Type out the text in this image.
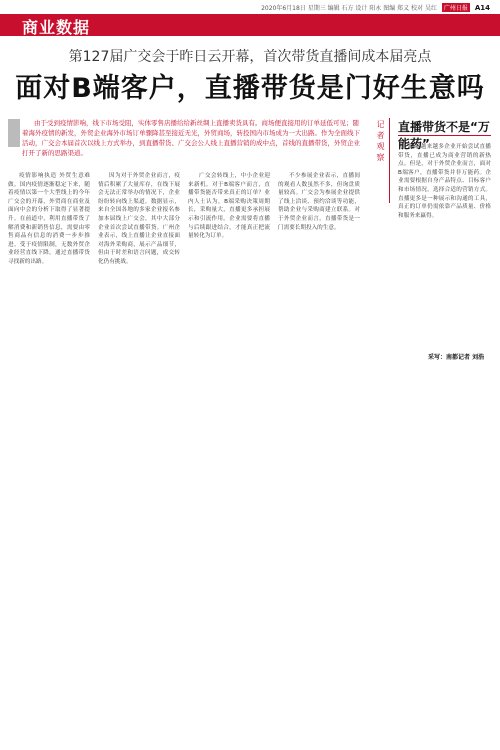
2020年6月18日 星期三 编辑 石方 设计 阳永 图编 郑义 校对 吴红 广州日报 A14
商业数据
第127届广交会于昨日云开幕，首次带货直播间成本届亮点
面对B端客户，直播带货是门好生意吗
由于受到疫情影响，线下市场受阻，实体零售店播给给新丝绸上直播卖货具有。商场便直接用的订单延低可见；随着海外疫情的新发，外贸企业海外市场订单骤降甚至接近无光，外贸商场，转投国内市场成为一大出路。作为全面线下活动，广交会本届首次以线上方式举办，到直播带货、广交会公人线上直播营销的成中点，首线的直播带货，外贸企业打开了新的思路渠道。

疫情影响执造 外贸生意难做。国内疫情逐渐稳定下来，随着疫情以第一个大型线上的今年广交会的开幕，外贸商在商业及面向中会的分析下取得了显著提升。在前道中，利用直播带货了解消费和新销售信息，需要由零售商品有信息的消费一步步推进。受于疫情限制，无数外贸企业经营直线下降，通过直播带货寻找新的出路。

因为对于外贸企业而言，疫情后积累了大量库存，在线下展会无法正常举办的情况下，企业纷纷转向线上渠道。数据显示，来自全国各地的多家企业报名参加本届线上广交会，其中大部分企业首次尝试直播带货。广州企业表示，线上直播让企业直接面对海外采购商，展示产品细节，但由于时差和语言问题，成交转化仍有挑战。

广交会转线上，中小企业迎来新机。对于B端客户而言，直播带货能否带来真正的订单？业内人士认为，B端采购决策周期长，采购量大，直播更多承担展示和引流作用。企业需要将直播与后续跟进结合，才能真正把流量转化为订单。

不少参展企业表示，直播间的观看人数虽然不多，但询盘质量较高。广交会为参展企业提供了线上洽谈、预约洽谈等功能，帮助企业与采购商建立联系。对于外贸企业而言，直播带货是一门需要长期投入的生意。

记者观察 直播带货不是“万能药”
随着越来越多企业开始尝试直播带货，直播已成为商业营销的新热点。但是，对于外贸企业而言，面对B端客户，直播带货并非万能药。企业需要根据自身产品特点、目标客户和市场情况，选择合适的营销方式。直播更多是一种展示和沟通的工具，真正的订单仍需依靠产品质量、价格和服务来赢得。
采写：南都记者 刘浩
